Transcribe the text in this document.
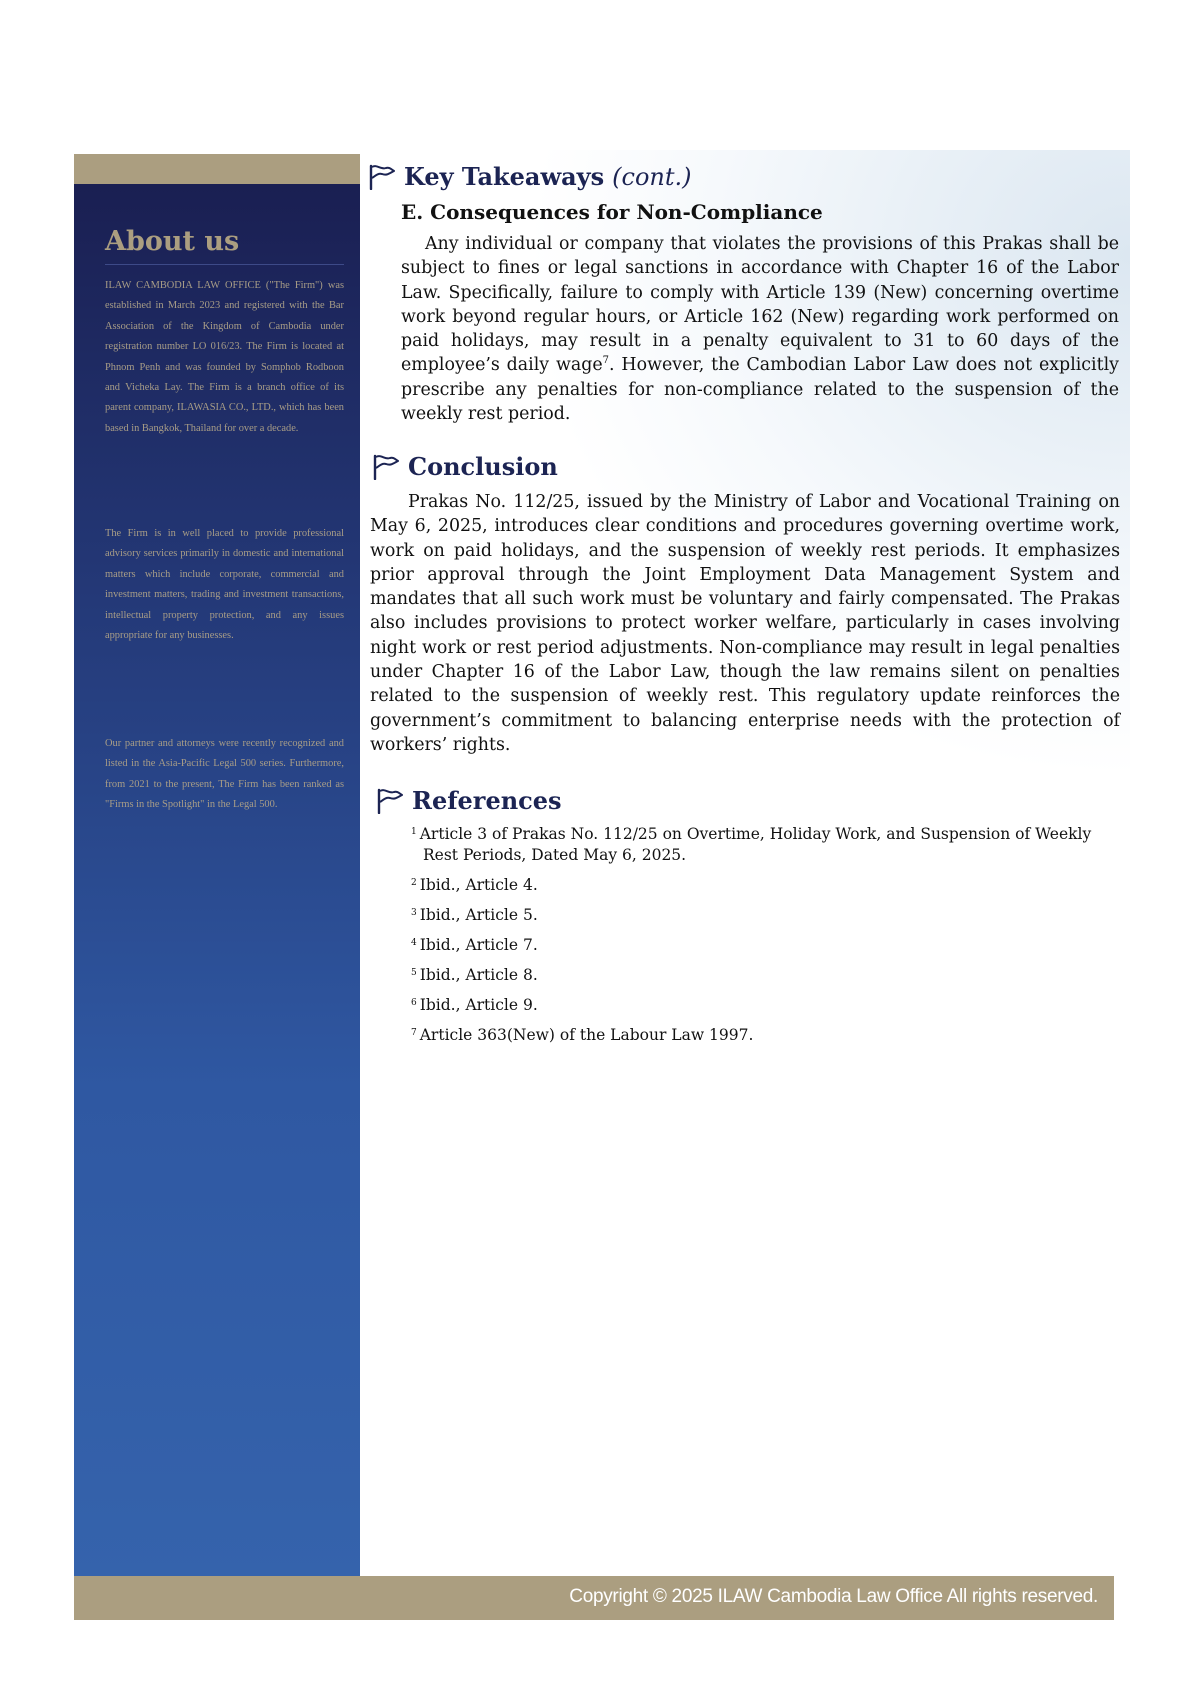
About us

ILAW CAMBODIA LAW OFFICE ("The Firm") was established in March 2023 and registered with the Bar Association of the Kingdom of Cambodia under registration number LO 016/23. The Firm is located at Phnom Penh and was founded by Somphob Rodboon and Vicheka Lay. The Firm is a branch office of its parent company, ILAWASIA CO., LTD., which has been based in Bangkok, Thailand for over a decade.

The Firm is in well placed to provide professional advisory services primarily in domestic and international matters which include corporate, commercial and investment matters, trading and investment transactions, intellectual property protection, and any issues appropriate for any businesses.

Our partner and attorneys were recently recognized and listed in the Asia-Pacific Legal 500 series. Furthermore, from 2021 to the present, The Firm has been ranked as "Firms in the Spotlight" in the Legal 500.

Key Takeaways (cont.)
E. Consequences for Non-Compliance

Any individual or company that violates the provisions of this Prakas shall be subject to fines or legal sanctions in accordance with Chapter 16 of the Labor Law. Specifically, failure to comply with Article 139 (New) concerning overtime work beyond regular hours, or Article 162 (New) regarding work performed on paid holidays, may result in a penalty equivalent to 31 to 60 days of the employee’s daily wage$^7$. However, the Cambodian Labor Law does not explicitly prescribe any penalties for non-compliance related to the suspension of the weekly rest period.

Conclusion

Prakas No. 112/25, issued by the Ministry of Labor and Vocational Training on May 6, 2025, introduces clear conditions and procedures governing overtime work, work on paid holidays, and the suspension of weekly rest periods. It emphasizes prior approval through the Joint Employment Data Management System and mandates that all such work must be voluntary and fairly compensated. The Prakas also includes provisions to protect worker welfare, particularly in cases involving night work or rest period adjustments. Non-compliance may result in legal penalties under Chapter 16 of the Labor Law, though the law remains silent on penalties related to the suspension of weekly rest. This regulatory update reinforces the government’s commitment to balancing enterprise needs with the protection of workers’ rights.

References
$^1$ Article 3 of Prakas No. 112/25 on Overtime, Holiday Work, and Suspension of Weekly Rest Periods, Dated May 6, 2025.
$^2$ Ibid., Article 4.
$^3$ Ibid., Article 5.
$^4$ Ibid., Article 7.
$^5$ Ibid., Article 8.
$^6$ Ibid., Article 9.
$^7$ Article 363(New) of the Labour Law 1997.
Copyright © 2025 ILAW Cambodia Law Office All rights reserved.
